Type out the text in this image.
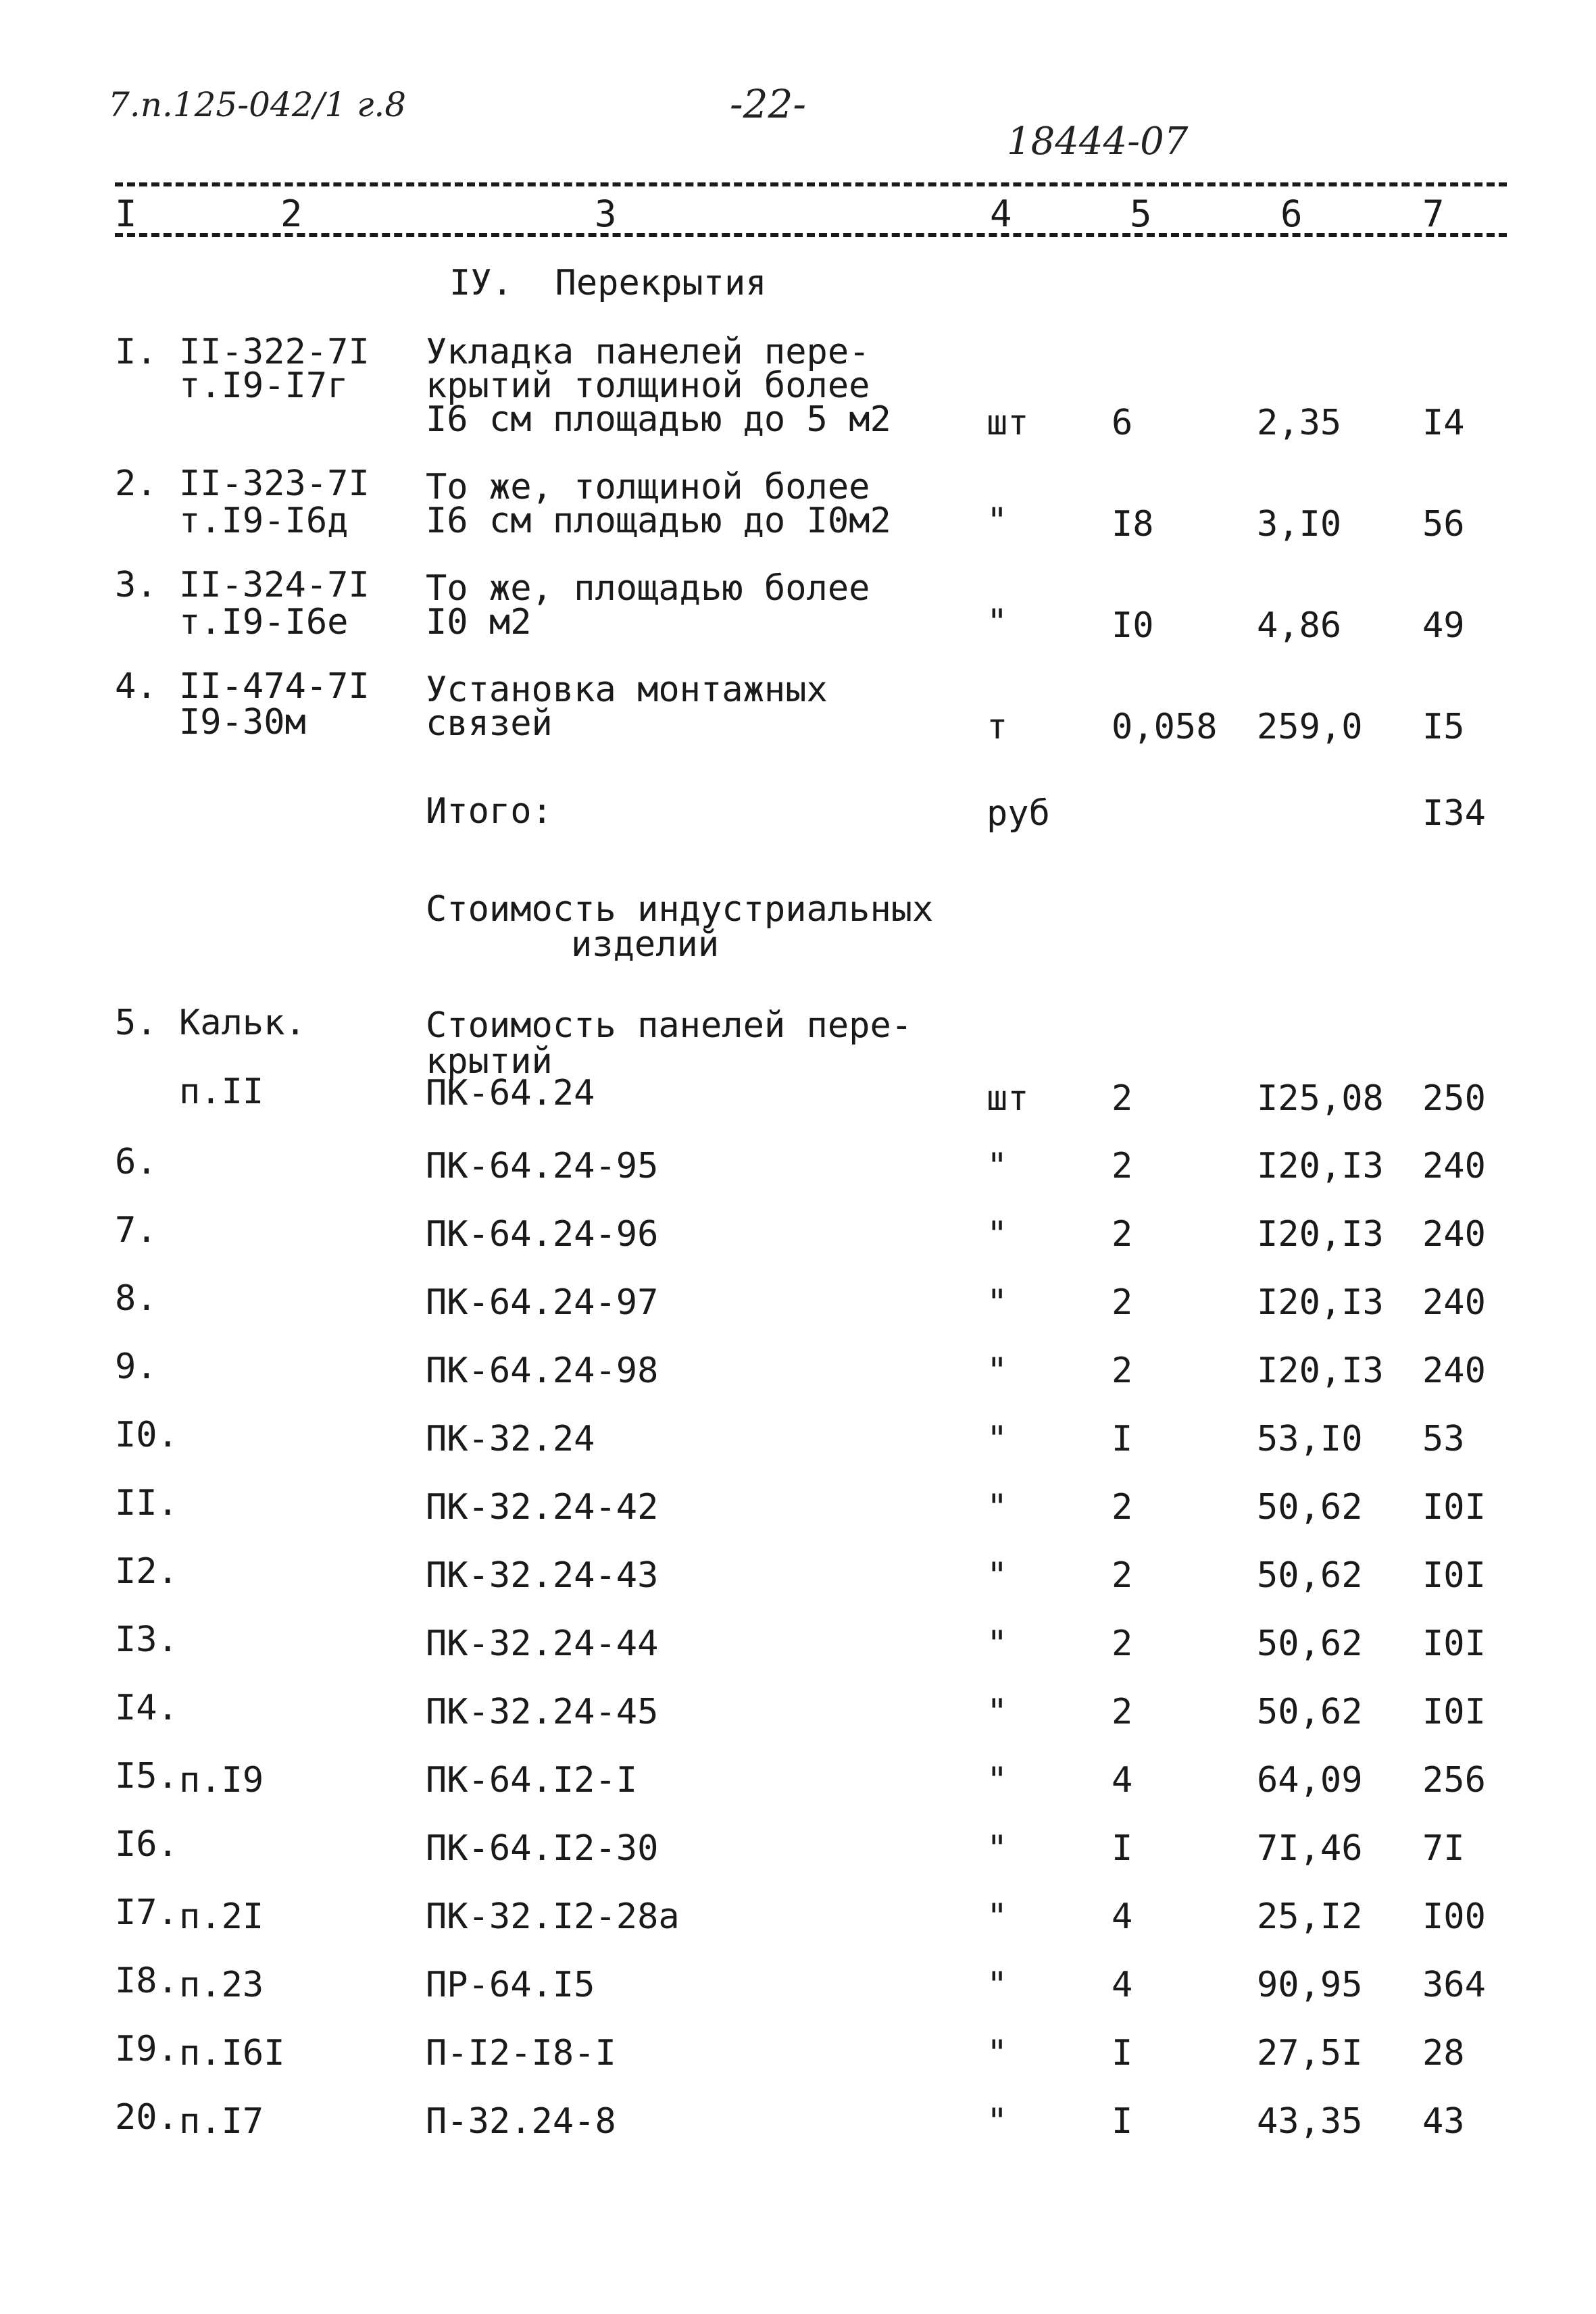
7.п.125-042/1 г.8	-22-
18444-07
I	2	3	4	5	6	7
IУ.  Перекрытия
I. II-322-7I
т.I9-I7г
Укладка панелей пере-
крытий толщиной более
I6 см площадью до 5 м2	шт 6	2,35 I4
2. II-323-7I
т.I9-I6д
То же, толщиной более
I6 см площадью до I0м2	"	I8	3,I0 56
3. II-324-7I
т.I9-I6е
То же, площадью более
I0 м2	"	I0	4,86 49
4. II-474-7I
I9-30м
Установка монтажных
связей	т	0,058 259,0 I5
Итого:	руб	I34
Стоимость индустриальных
изделий
5. Кальк.
п.II
Стоимость панелей пере-
крытий
ПК-64.24	шт 2	I25,08 250
6.	ПК-64.24-95	"	2	I20,I3 240
7.	ПК-64.24-96	"	2	I20,I3 240
8.	ПК-64.24-97	"	2	I20,I3 240
9.	ПК-64.24-98	"	2	I20,I3 240
I0.	ПК-32.24	"	I	53,I0 53
II.	ПК-32.24-42	"	2	50,62 I0I
I2.	ПК-32.24-43	"	2	50,62 I0I
I3.	ПК-32.24-44	"	2	50,62 I0I
I4.	ПК-32.24-45	"	2	50,62 I0I
I5. п.I9	ПК-64.I2-I	"	4	64,09 256
I6.	ПК-64.I2-30	"	I	7I,46 7I
I7. п.2I	ПК-32.I2-28а	"	4	25,I2 I00
I8. п.23	ПР-64.I5	"	4	90,95 364
I9. п.I6I	П-I2-I8-I	"	I	27,5I 28
20. п.I7	П-32.24-8	"	I	43,35 43
